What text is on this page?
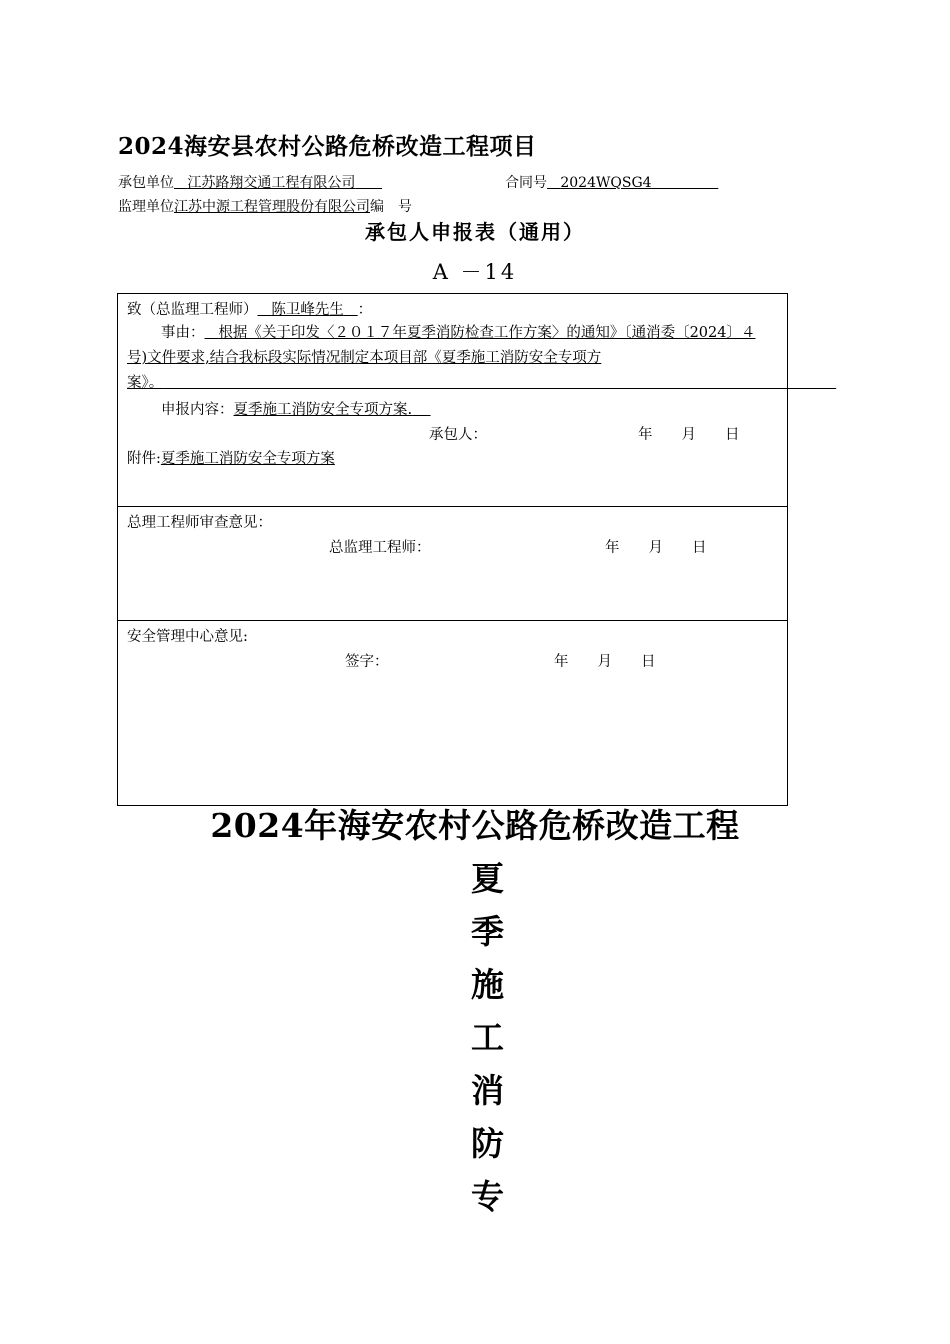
2024海安县农村公路危桥改造工程项目
承包单位 江苏路翔交通工程有限公司	合同号 2024WQSG4
监理单位江苏中源工程管理股份有限公司编　号
承包人申报表（通用）
A －14
致（总监理工程师） 陈卫峰先生 ：
事由： 根据《关于印发〈２０１７年夏季消防检查工作方案〉的通知》〔通消委〔2024〕４号)文件要求,结合我标段实际情况制定本项目部《夏季施工消防安全专项方案》。
申报内容：夏季施工消防安全专项方案.
承包人：	年　　月　　日
附件:夏季施工消防安全专项方案
总理工程师审查意见：
总监理工程师：	年　　月　　日
安全管理中心意见:
签字：	年　　月　　日
2024年海安农村公路危桥改造工程
夏
季
施
工
消
防
专
